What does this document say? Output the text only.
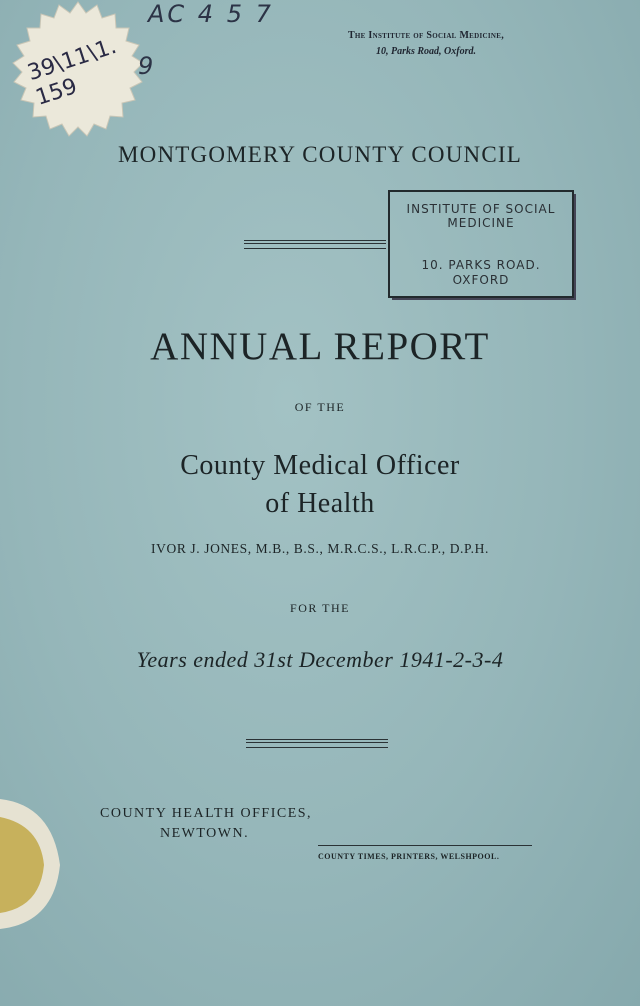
39\11\1. 159
AC 4 5 7
9
The Institute of Social Medicine,
10, Parks Road, Oxford.
MONTGOMERY COUNTY COUNCIL
INSTITUTE OF SOCIAL
MEDICINE
10. PARKS ROAD.
OXFORD
ANNUAL REPORT
OF THE
County Medical Officer
of Health
IVOR J. JONES, M.B., B.S., M.R.C.S., L.R.C.P., D.P.H.
FOR THE
Years ended 31st December 1941-2-3-4
COUNTY HEALTH OFFICES,
NEWTOWN.
COUNTY TIMES, PRINTERS, WELSHPOOL.
